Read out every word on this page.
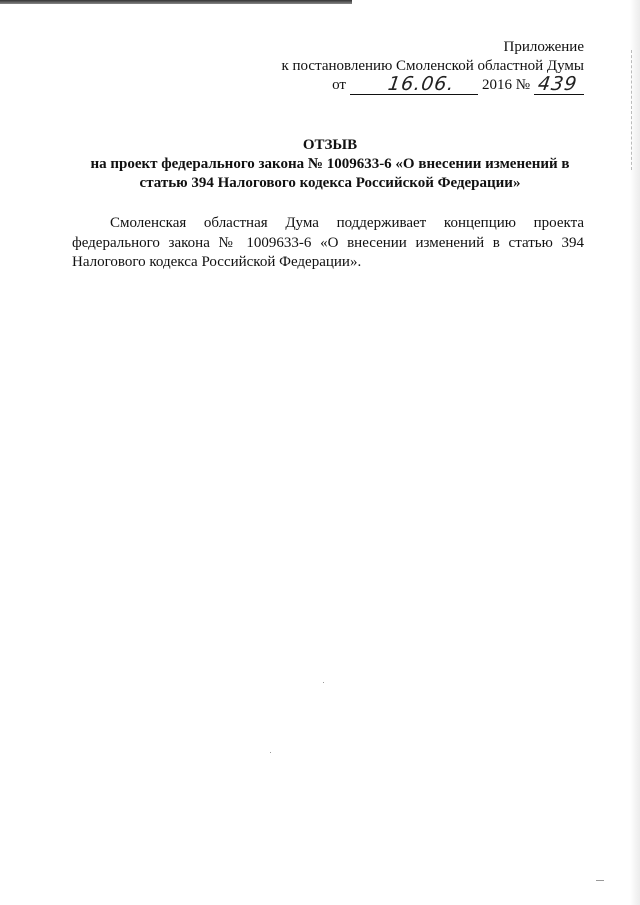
Приложение
к постановлению Смоленской областной Думы
от 16.06. 2016 № 439
ОТЗЫВ
на проект федерального закона № 1009633-6 «О внесении изменений в
статью 394 Налогового кодекса Российской Федерации»
Смоленская областная Дума поддерживает концепцию проекта федерального закона № 1009633-6 «О внесении изменений в статью 394 Налогового кодекса Российской Федерации».
